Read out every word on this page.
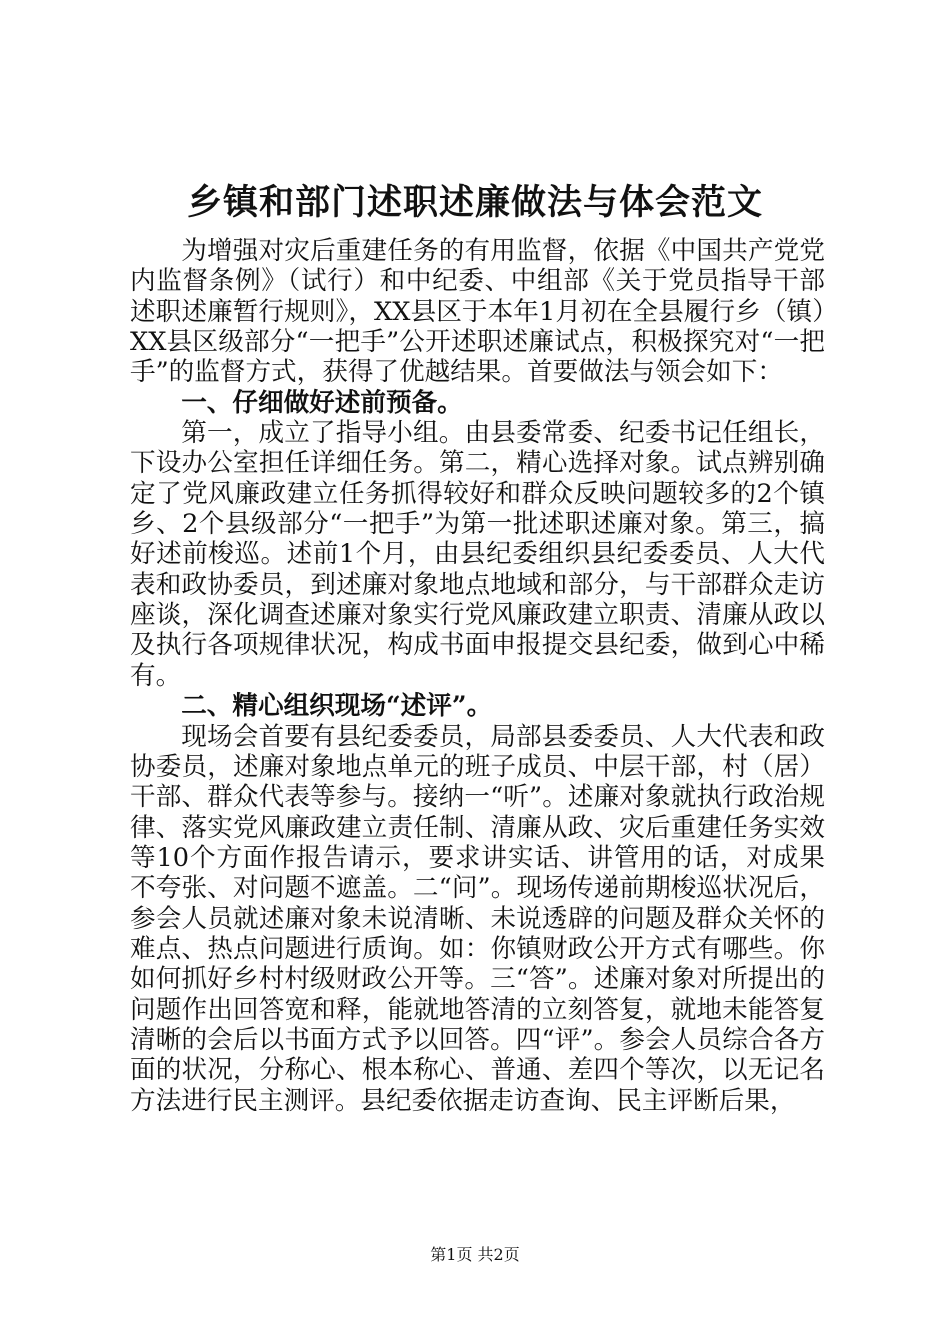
乡镇和部门述职述廉做法与体会范文

为增强对灾后重建任务的有用监督，依据《中国共产党党内监督条例》（试行）和中纪委、中组部《关于党员指导干部述职述廉暂行规则》，XX县区于本年1月初在全县履行乡（镇）XX县区级部分“一把手”公开述职述廉试点，积极探究对“一把手”的监督方式，获得了优越结果。首要做法与领会如下：

一、仔细做好述前预备。

第一，成立了指导小组。由县委常委、纪委书记任组长，下设办公室担任详细任务。第二，精心选择对象。试点辨别确定了党风廉政建立任务抓得较好和群众反映问题较多的2个镇乡、2个县级部分“一把手”为第一批述职述廉对象。第三，搞好述前梭巡。述前1个月，由县纪委组织县纪委委员、人大代表和政协委员，到述廉对象地点地域和部分，与干部群众走访座谈，深化调查述廉对象实行党风廉政建立职责、清廉从政以及执行各项规律状况，构成书面申报提交县纪委，做到心中稀有。

二、精心组织现场“述评”。

现场会首要有县纪委委员，局部县委委员、人大代表和政协委员，述廉对象地点单元的班子成员、中层干部，村（居）干部、群众代表等参与。接纳一“听”。述廉对象就执行政治规律、落实党风廉政建立责任制、清廉从政、灾后重建任务实效等10个方面作报告请示，要求讲实话、讲管用的话，对成果不夸张、对问题不遮盖。二“问”。现场传递前期梭巡状况后，参会人员就述廉对象未说清晰、未说透辟的问题及群众关怀的难点、热点问题进行质询。如：你镇财政公开方式有哪些。你如何抓好乡村村级财政公开等。三“答”。述廉对象对所提出的问题作出回答宽和释，能就地答清的立刻答复，就地未能答复清晰的会后以书面方式予以回答。四“评”。参会人员综合各方面的状况，分称心、根本称心、普通、差四个等次，以无记名方法进行民主测评。县纪委依据走访查询、民主评断后果，

第1页 共2页
